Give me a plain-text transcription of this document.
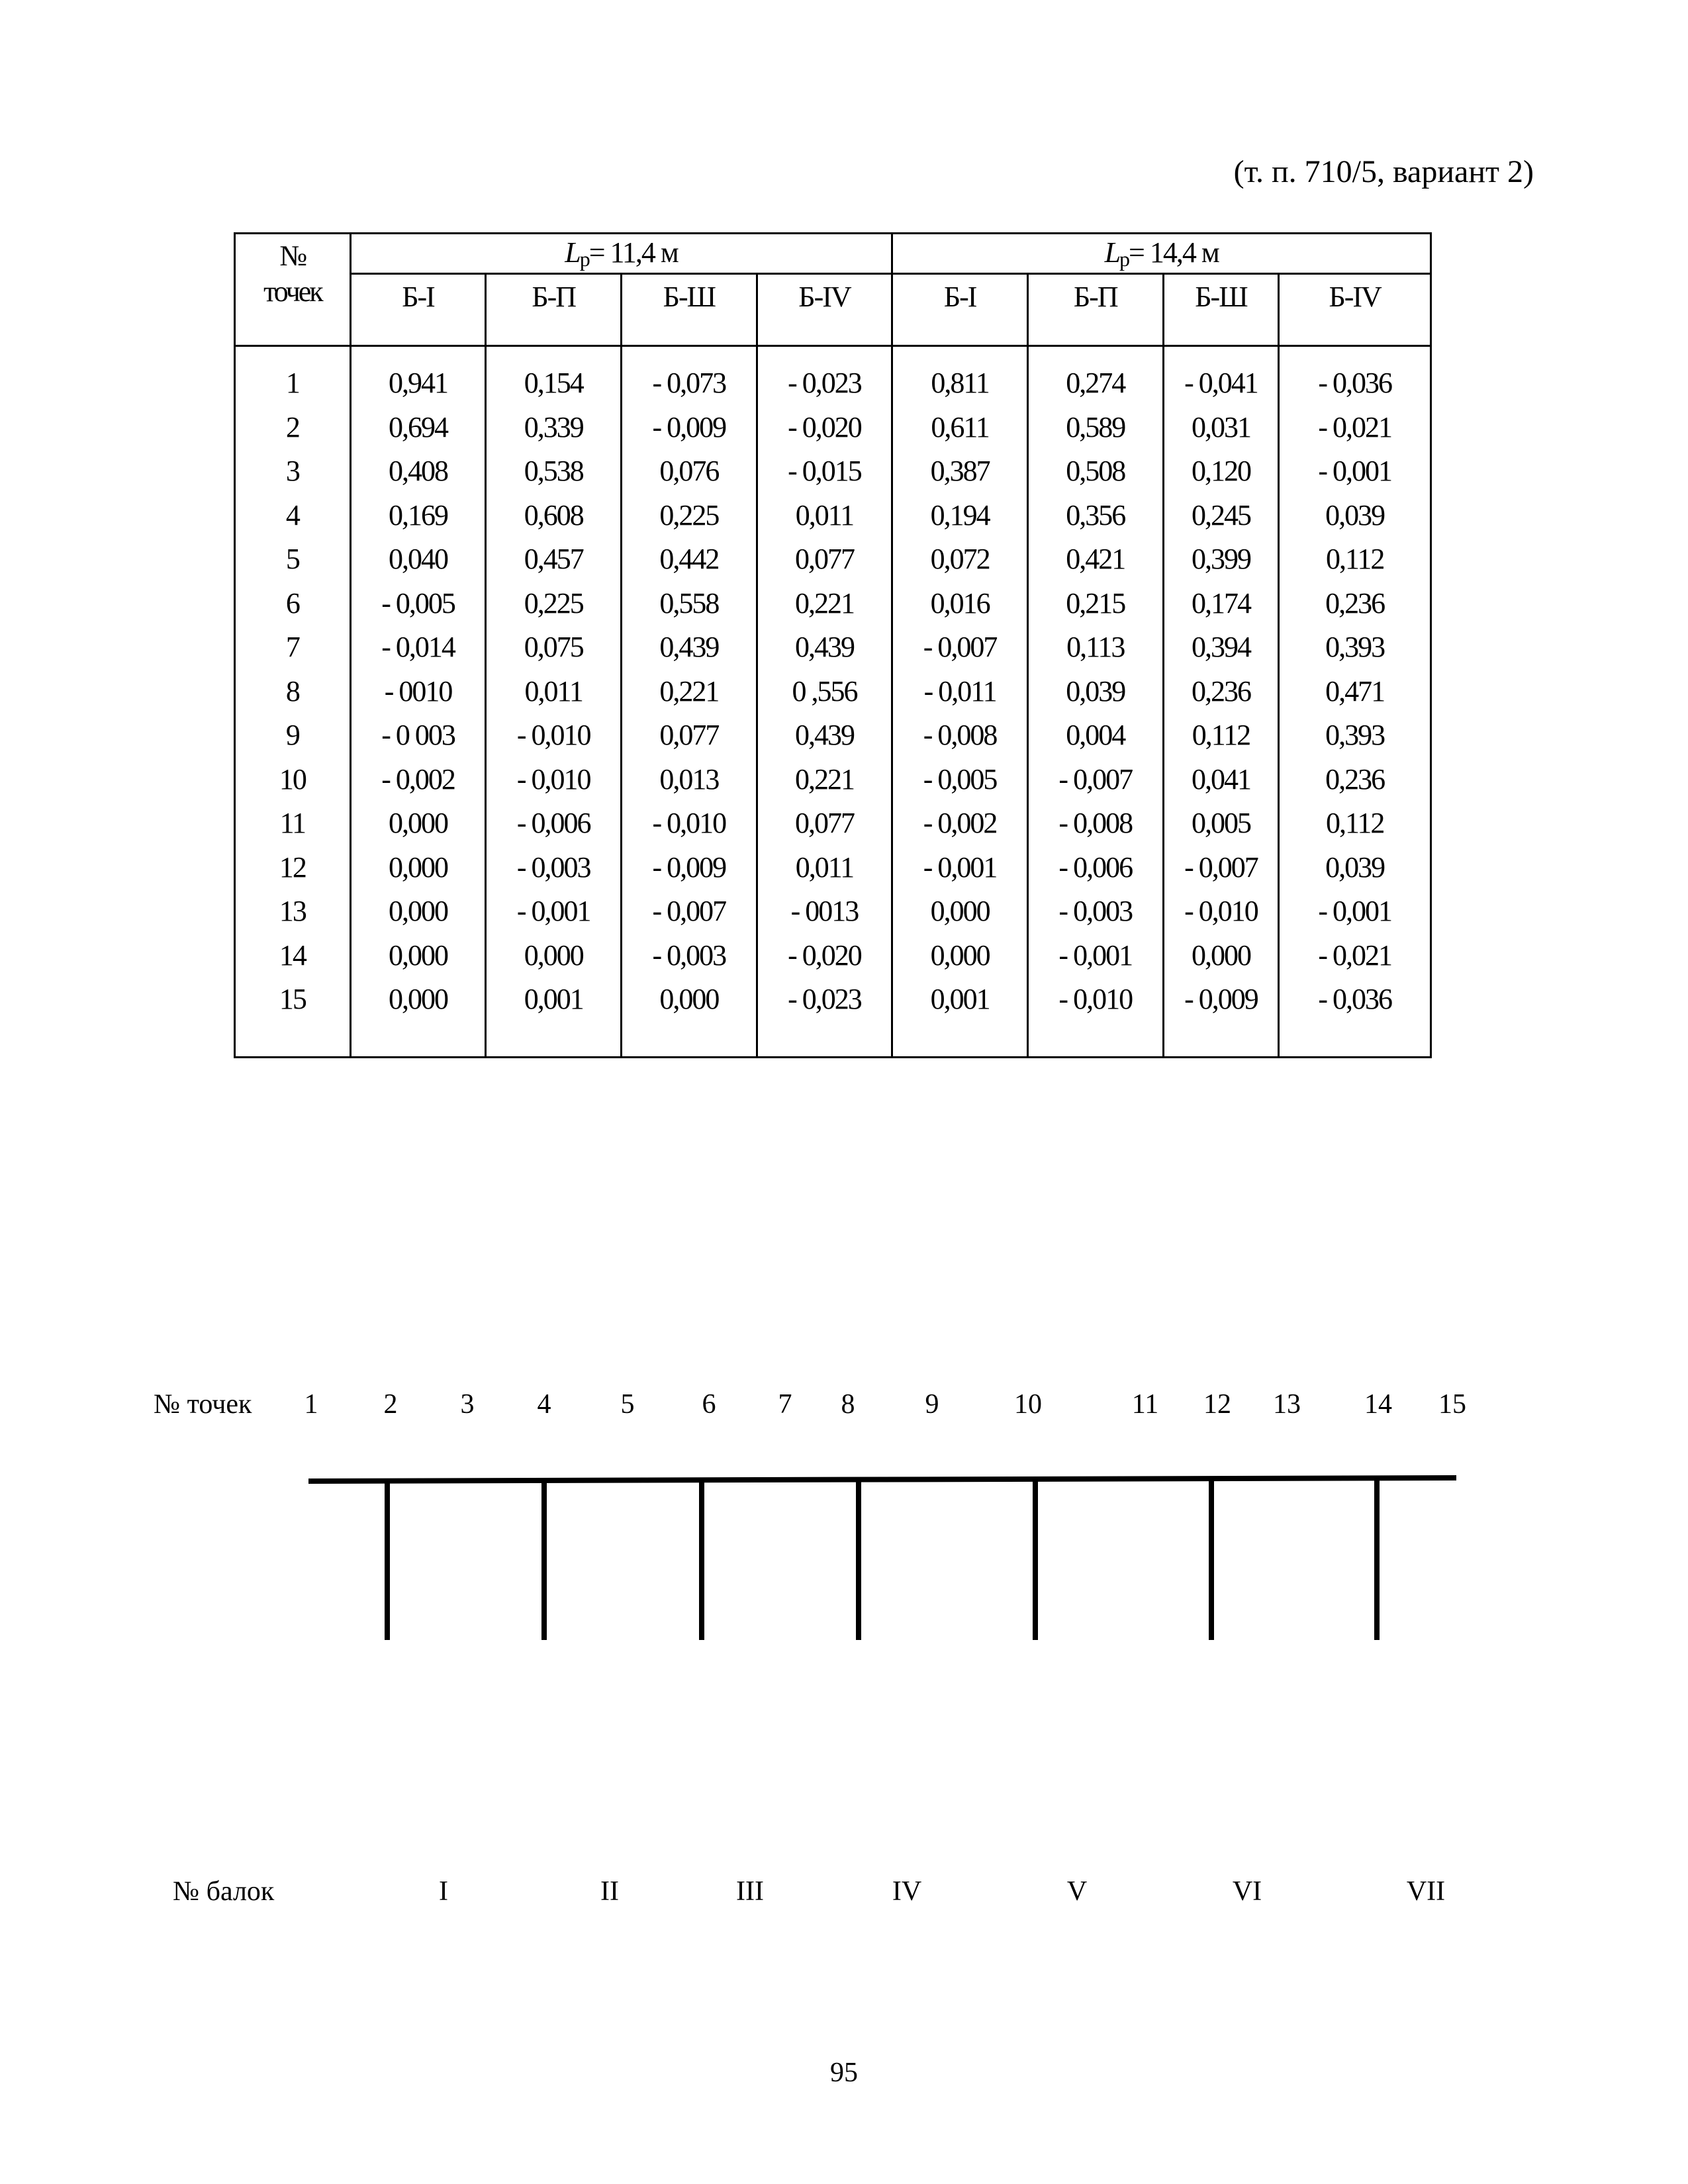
(т. п. 710/5, вариант 2)
№
точек	Lp= 11,4 м				Lp= 14,4 м			
	Б-I	Б-П	Б-Ш	Б-IV	Б-I	Б-П	Б-Ш	Б-IV
1	0,941	0,154	- 0,073	- 0,023	0,811	0,274	- 0,041	- 0,036
2	0,694	0,339	- 0,009	- 0,020	0,611	0,589	0,031	- 0,021
3	0,408	0,538	0,076	- 0,015	0,387	0,508	0,120	- 0,001
4	0,169	0,608	0,225	0,011	0,194	0,356	0,245	0,039
5	0,040	0,457	0,442	0,077	0,072	0,421	0,399	0,112
6	- 0,005	0,225	0,558	0,221	0,016	0,215	0,174	0,236
7	- 0,014	0,075	0,439	0,439	- 0,007	0,113	0,394	0,393
8	- 0010	0,011	0,221	0 ,556	- 0,011	0,039	0,236	0,471
9	- 0 003	- 0,010	0,077	0,439	- 0,008	0,004	0,112	0,393
10	- 0,002	- 0,010	0,013	0,221	- 0,005	- 0,007	0,041	0,236
11	0,000	- 0,006	- 0,010	0,077	- 0,002	- 0,008	0,005	0,112
12	0,000	- 0,003	- 0,009	0,011	- 0,001	- 0,006	- 0,007	0,039
13	0,000	- 0,001	- 0,007	- 0013	0,000	- 0,003	- 0,010	- 0,001
14	0,000	0,000	- 0,003	- 0,020	0,000	- 0,001	0,000	- 0,021
15	0,000	0,001	0,000	- 0,023	0,001	- 0,010	- 0,009	- 0,036
№ точек 1 2 3 4	5 6 7 8	9	10	11 12 13 14 15
№ балок	I	II	III	IV	V	VI	VII
95
